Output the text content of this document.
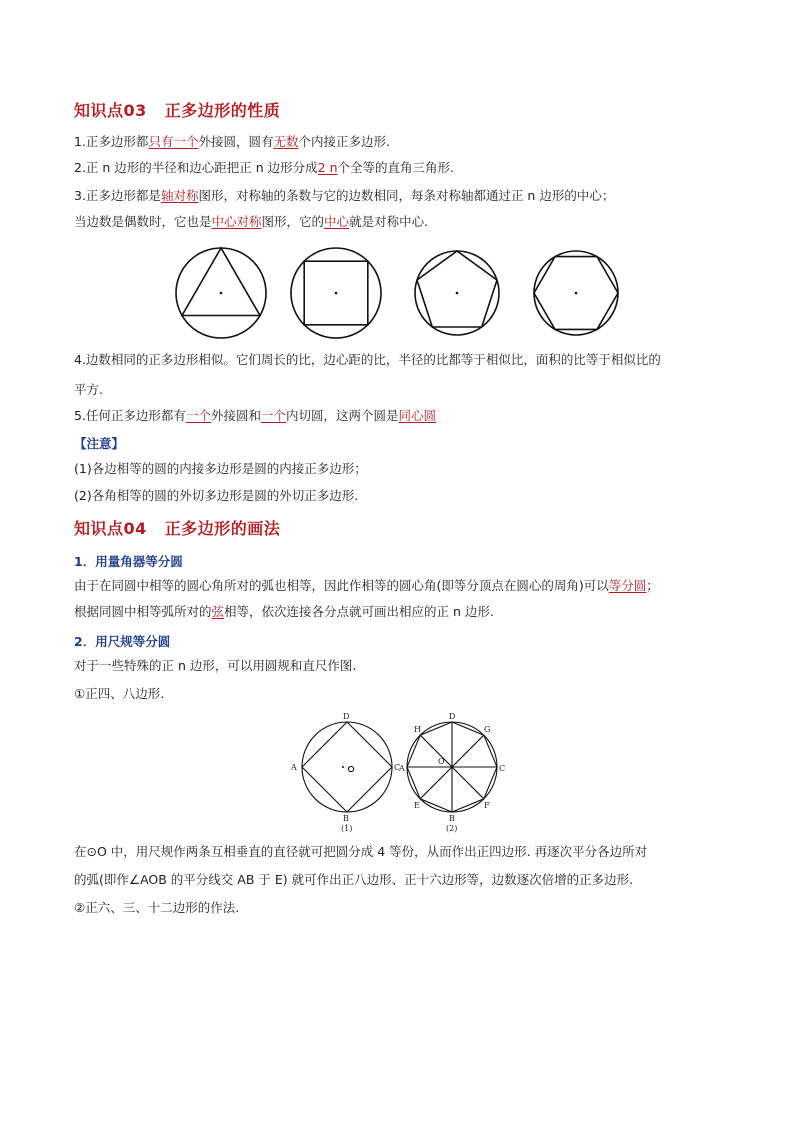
知识点03 正多边形的性质
1.正多边形都只有一个外接圆，圆有无数个内接正多边形.
2.正 n 边形的半径和边心距把正 n 边形分成2 n个全等的直角三角形.
3.正多边形都是轴对称图形，对称轴的条数与它的边数相同，每条对称轴都通过正 n 边形的中心；
当边数是偶数时，它也是中心对称图形，它的中心就是对称中心.
4.边数相同的正多边形相似。它们周长的比，边心距的比，半径的比都等于相似比，面积的比等于相似比的
平方.
5.任何正多边形都有一个外接圆和一个内切圆，这两个圆是同心圆
【注意】
(1)各边相等的圆的内接多边形是圆的内接正多边形；
(2)各角相等的圆的外切多边形是圆的外切正多边形.
知识点04 正多边形的画法
1．用量角器等分圆
由于在同圆中相等的圆心角所对的弧也相等，因此作相等的圆心角(即等分顶点在圆心的周角)可以等分圆；
根据同圆中相等弧所对的弦相等，依次连接各分点就可画出相应的正 n 边形.
2．用尺规等分圆
对于一些特殊的正 n 边形，可以用圆规和直尺作图.
①正四、八边形.
D
A	C
B
(1)
D
H	G
A
O
C
E	F
B
(2)
在⊙O 中，用尺规作两条互相垂直的直径就可把圆分成 4 等份，从而作出正四边形. 再逐次平分各边所对
的弧(即作∠AOB 的平分线交 AB 于 E) 就可作出正八边形、正十六边形等，边数逐次倍增的正多边形.
②正六、三、十二边形的作法.
